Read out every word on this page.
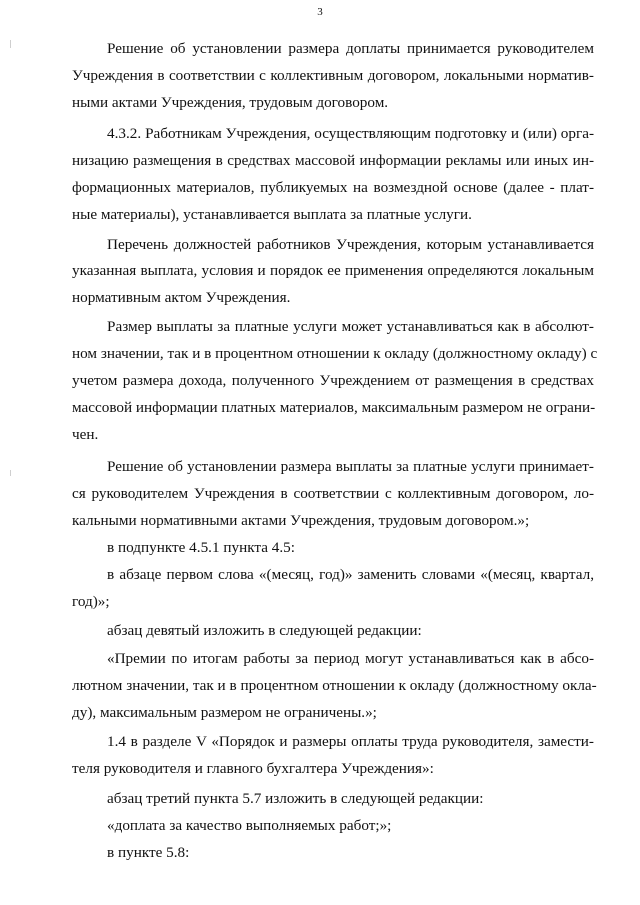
3
Решение об установлении размера доплаты принимается руководителем
Учреждения в соответствии с коллективным договором, локальными норматив-
ными актами Учреждения, трудовым договором.
4.3.2. Работникам Учреждения, осуществляющим подготовку и (или) орга-
низацию размещения в средствах массовой информации рекламы или иных ин-
формационных материалов, публикуемых на возмездной основе (далее - плат-
ные материалы), устанавливается выплата за платные услуги.
Перечень должностей работников Учреждения, которым устанавливается
указанная выплата, условия и порядок ее применения определяются локальным
нормативным актом Учреждения.
Размер выплаты за платные услуги может устанавливаться как в абсолют-
ном значении, так и в процентном отношении к окладу (должностному окладу) с
учетом размера дохода, полученного Учреждением от размещения в средствах
массовой информации платных материалов, максимальным размером не ограни-
чен.
Решение об установлении размера выплаты за платные услуги принимает-
ся руководителем Учреждения в соответствии с коллективным договором, ло-
кальными нормативными актами Учреждения, трудовым договором.»;
в подпункте 4.5.1 пункта 4.5:
в абзаце первом слова «(месяц, год)» заменить словами «(месяц, квартал,
год)»;
абзац девятый изложить в следующей редакции:
«Премии по итогам работы за период могут устанавливаться как в абсо-
лютном значении, так и в процентном отношении к окладу (должностному окла-
ду), максимальным размером не ограничены.»;
1.4 в разделе V «Порядок и размеры оплаты труда руководителя, замести-
теля руководителя и главного бухгалтера Учреждения»:
абзац третий пункта 5.7 изложить в следующей редакции:
«доплата за качество выполняемых работ;»;
в пункте 5.8:
